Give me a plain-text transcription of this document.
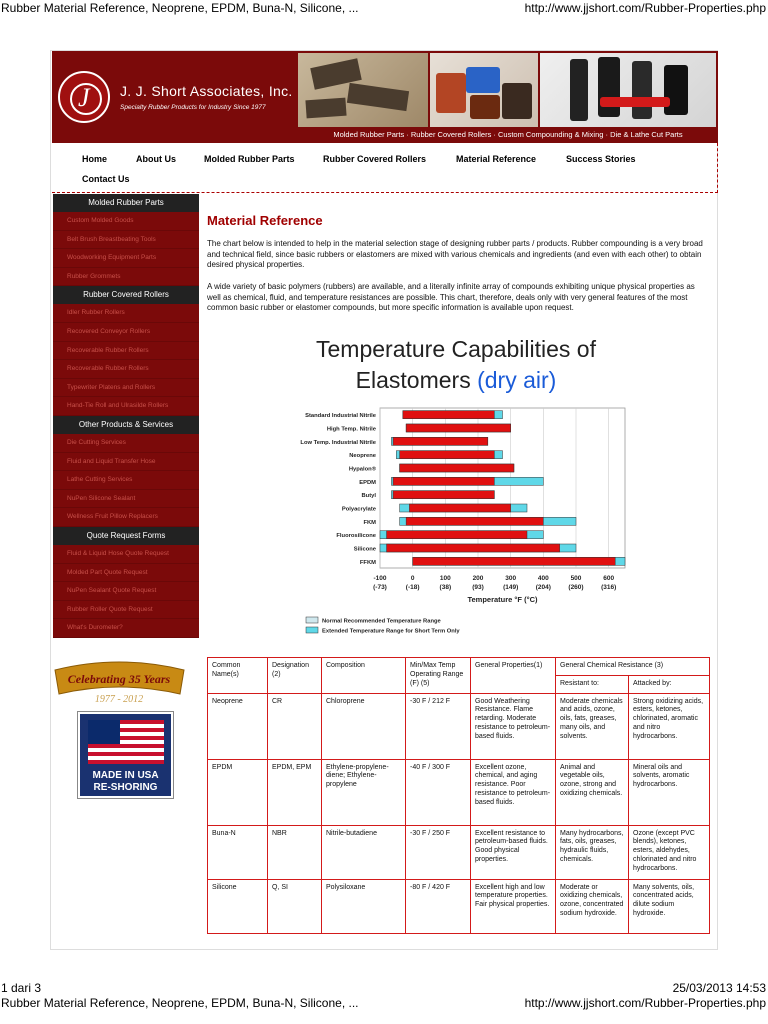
Rubber Material Reference, Neoprene, EPDM, Buna-N, Silicone, ...	http://www.jjshort.com/Rubber-Properties.php
J J. J. Short Associates, Inc.
Specialty Rubber Products for Industry Since 1977
Molded Rubber Parts · Rubber Covered Rollers · Custom Compounding & Mixing · Die & Lathe Cut Parts
Home	About Us	Molded Rubber Parts	Rubber Covered Rollers	Material Reference	Success Stories
Contact Us
Molded Rubber Parts
Custom Molded Goods
Belt Brush Breastbeating Tools
Woodworking Equipment Parts
Rubber Grommets
Rubber Covered Rollers
Idler Rubber Rollers
Recovered Conveyor Rollers
Recoverable Rubber Rollers
Recoverable Rubber Rollers
Typewriter Platens and Rollers
Hand-Tie Roll and Ulrasilde Rollers
Other Products & Services
Die Cutting Services
Fluid and Liquid Transfer Hose
Lathe Cutting Services
NuPen Silicone Sealant
Wellness Fruit Pillow Replacers
Quote Request Forms
Fluid & Liquid Hose Quote Request
Molded Part Quote Request
NuPen Sealant Quote Request
Rubber Roller Quote Request
What's Durometer?
Material Reference
The chart below is intended to help in the material selection stage of designing rubber parts / products. Rubber compounding is a very broad and technical field, since basic rubbers or elastomers are mixed with various chemicals and ingredients (and even with each other) to obtain desired physical properties.
A wide variety of basic polymers (rubbers) are available, and a literally infinite array of compounds exhibiting unique physical properties as well as chemical, fluid, and temperature resistances are possible. This chart, therefore, deals only with very general features of the most common basic rubber or elastomer compounds, but more specific information is available upon request.
Temperature Capabilities of
Elastomers (dry air)
-100
(-73)
0
(-18)
100
(38)
200
(93)
300
(149)
400
(204)
500
(260)
600
(316)
Temperature °F (°C)
Standard Industrial Nitrile
High Temp. Nitrile
Low Temp. Industrial Nitrile
Neoprene
Hypalon®
EPDM
Butyl
Polyacrylate
FKM
Fluorosilicone
Silicone
FFKM
Normal Recommended Temperature Range
Extended Temperature Range for Short Term Only
Celebrating 35 Years
1977 - 2012
MADE IN USA
RE-SHORING
Common Name(s)	Designation (2)	Composition	Min/Max Temp Operating Range (F) (5)	General Properties(1)	General Chemical Resistance (3)	
					Resistant to:	Attacked by:
Neoprene	CR	Chloroprene	-30 F / 212 F	Good Weathering Resistance. Flame retarding. Moderate resistance to petroleum-based fluids.	Moderate chemicals and acids, ozone, oils, fats, greases, many oils, and solvents.	Strong oxidizing acids, esters, ketones, chlorinated, aromatic and nitro hydrocarbons.
EPDM	EPDM, EPM	Ethylene-propylene-diene; Ethylene-propylene	-40 F / 300 F	Excellent ozone, chemical, and aging resistance. Poor resistance to petroleum-based fluids.	Animal and vegetable oils, ozone, strong and oxidizing chemicals.	Mineral oils and solvents, aromatic hydrocarbons.
Buna-N	NBR	Nitrile-butadiene	-30 F / 250 F	Excellent resistance to petroleum-based fluids. Good physical properties.	Many hydrocarbons, fats, oils, greases, hydraulic fluids, chemicals.	Ozone (except PVC blends), ketones, esters, aldehydes, chlorinated and nitro hydrocarbons.
Silicone	Q, SI	Polysiloxane	-80 F / 420 F	Excellent high and low temperature properties. Fair physical properties.	Moderate or oxidizing chemicals, ozone, concentrated sodium hydroxide.	Many solvents, oils, concentrated acids, dilute sodium hydroxide.
1 dari 3	25/03/2013 14:53
Rubber Material Reference, Neoprene, EPDM, Buna-N, Silicone, ...	http://www.jjshort.com/Rubber-Properties.php
